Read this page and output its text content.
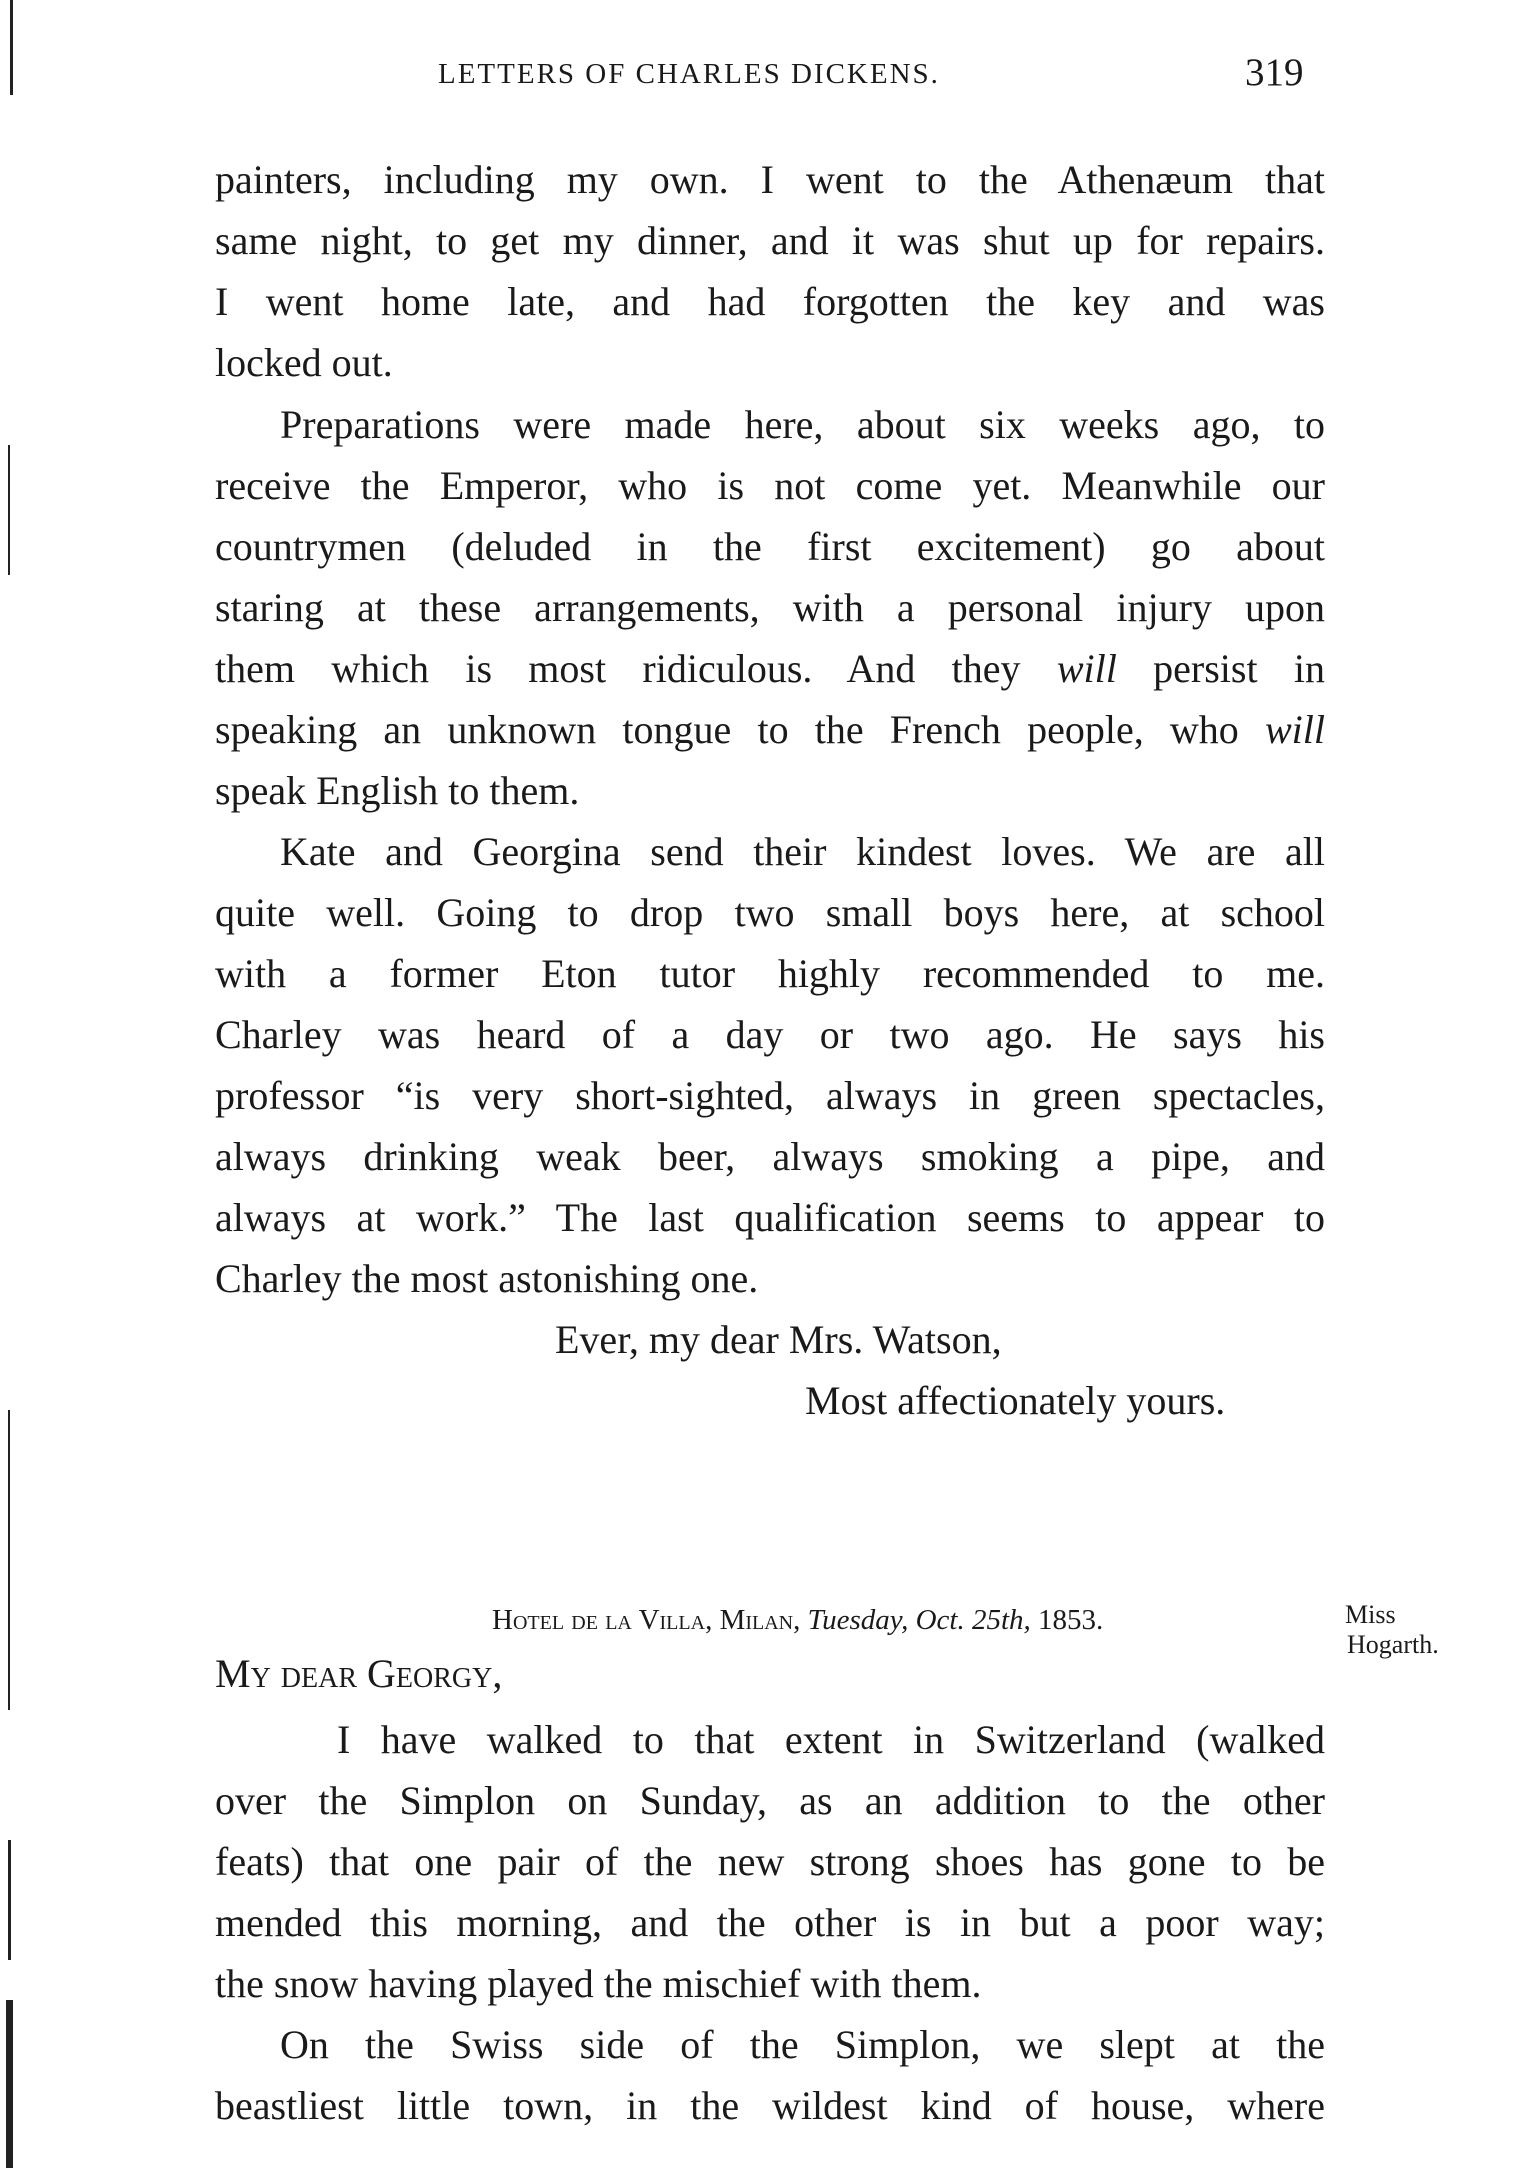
LETTERS OF CHARLES DICKENS.	319
painters, including my own. I went to the Athenæum that
same night, to get my dinner, and it was shut up for repairs.
I went home late, and had forgotten the key and was
locked out.
Preparations were made here, about six weeks ago, to
receive the Emperor, who is not come yet. Meanwhile our
countrymen (deluded in the first excitement) go about
staring at these arrangements, with a personal injury upon
them which is most ridiculous. And they will persist in
speaking an unknown tongue to the French people, who will
speak English to them.
Kate and Georgina send their kindest loves. We are all
quite well. Going to drop two small boys here, at school
with a former Eton tutor highly recommended to me.
Charley was heard of a day or two ago. He says his
professor “is very short-sighted, always in green spectacles,
always drinking weak beer, always smoking a pipe, and
always at work.” The last qualification seems to appear to
Charley the most astonishing one.
Ever, my dear Mrs. Watson,
Most affectionately yours.
Hotel de la Villa, Milan, Tuesday, Oct. 25th, 1853.	Miss
Hogarth.
My dear Georgy,
I have walked to that extent in Switzerland (walked
over the Simplon on Sunday, as an addition to the other
feats) that one pair of the new strong shoes has gone to be
mended this morning, and the other is in but a poor way;
the snow having played the mischief with them.
On the Swiss side of the Simplon, we slept at the
beastliest little town, in the wildest kind of house, where
